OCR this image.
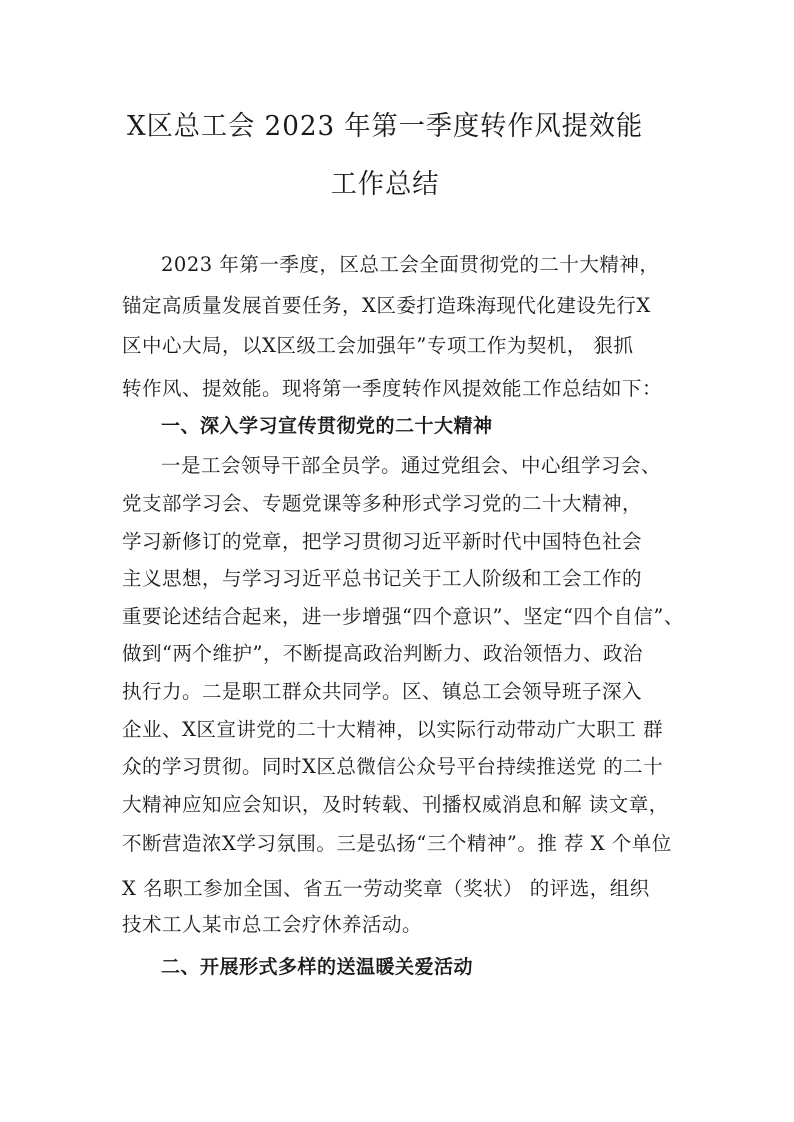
X区总工会 2023 年第一季度转作风提效能
工作总结
2023 年第一季度，区总工会全面贯彻党的二十大精神，
锚定高质量发展首要任务，X区委打造珠海现代化建设先行X
区中心大局，以X区级工会加强年”专项工作为契机， 狠抓
转作风、提效能。现将第一季度转作风提效能工作总结如下：
一、深入学习宣传贯彻党的二十大精神
一是工会领导干部全员学。通过党组会、中心组学习会、
党支部学习会、专题党课等多种形式学习党的二十大精神，
学习新修订的党章，把学习贯彻习近平新时代中国特色社会
主义思想，与学习习近平总书记关于工人阶级和工会工作的
重要论述结合起来，进一步增强“四个意识”、坚定“四个自信”、
做到“两个维护”，不断提高政治判断力、政治领悟力、政治
执行力。二是职工群众共同学。区、镇总工会领导班子深入
企业、X区宣讲党的二十大精神，以实际行动带动广大职工 群
众的学习贯彻。同时X区总微信公众号平台持续推送党 的二十
大精神应知应会知识，及时转载、刊播权威消息和解 读文章，
不断营造浓X学习氛围。三是弘扬“三个精神”。推 荐 X 个单位
X 名职工参加全国、省五一劳动奖章（奖状） 的评选，组织
技术工人某市总工会疗休养活动。
二、开展形式多样的送温暖关爱活动
